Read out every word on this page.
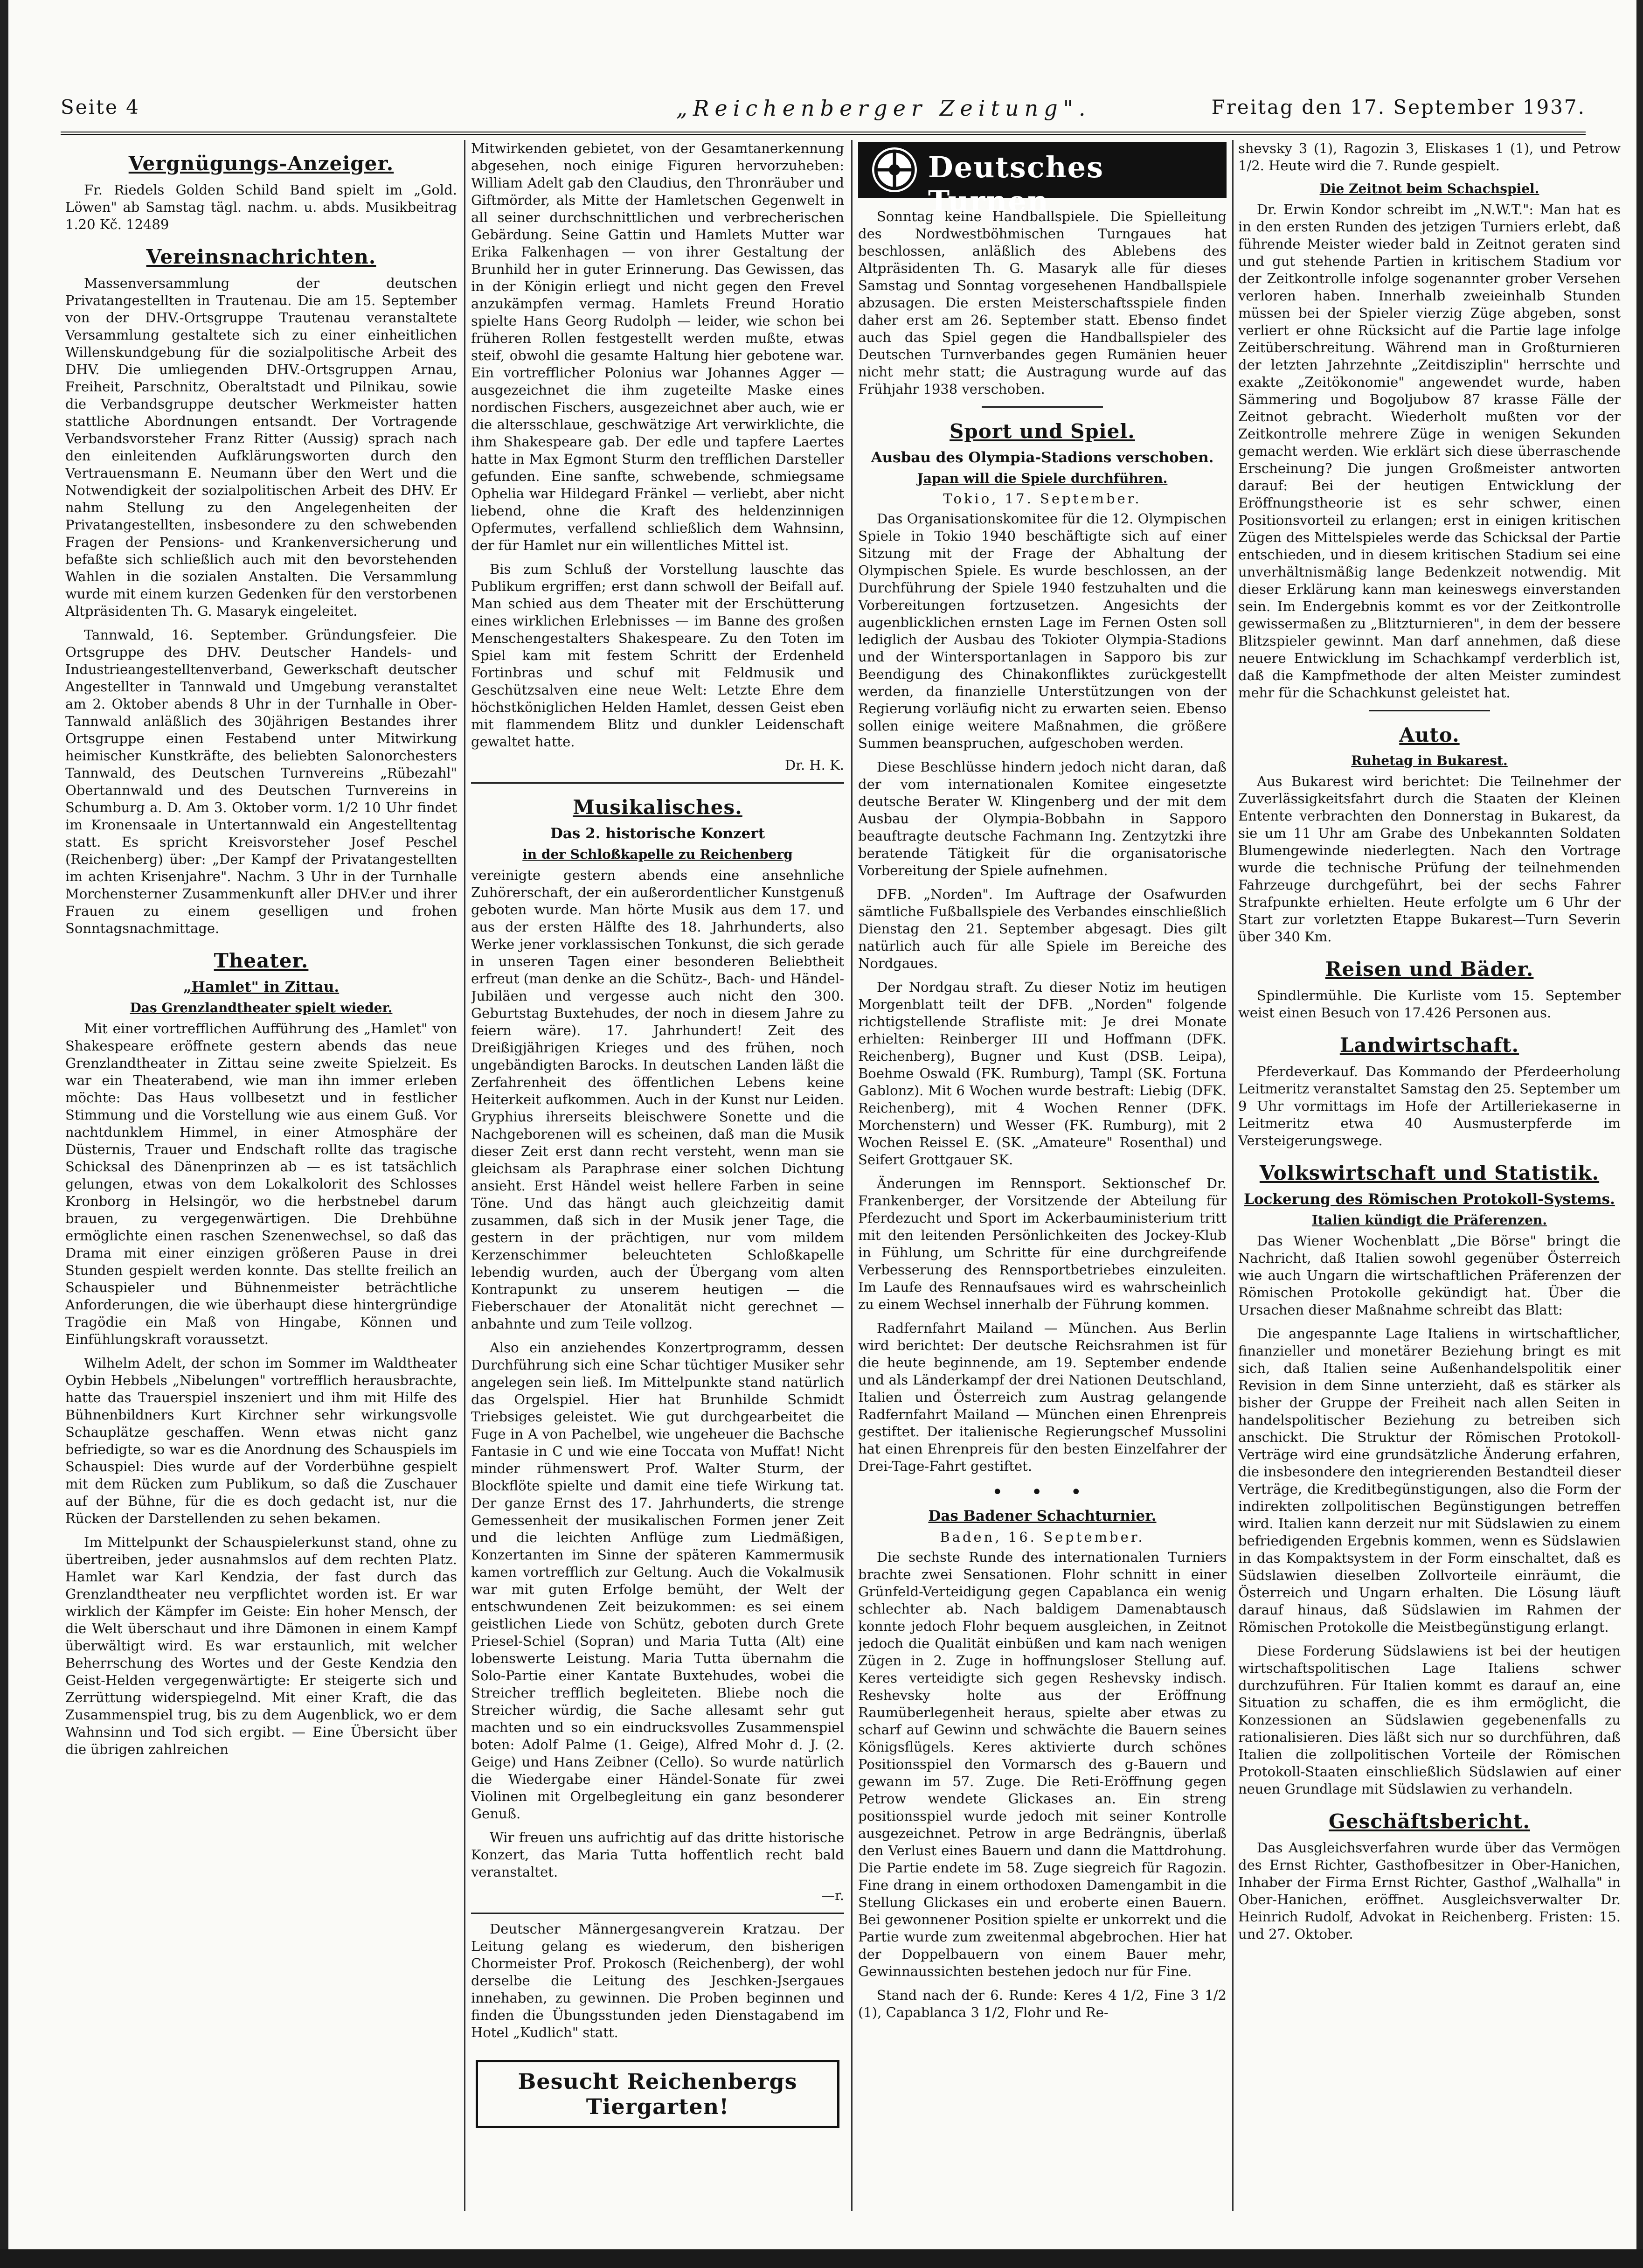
Seite 4	„Reichenberger Zeitung".	Freitag den 17. September 1937.
Vergnügungs-Anzeiger.

Fr. Riedels Golden Schild Band spielt im „Gold. Löwen" ab Samstag tägl. nachm. u. abds. Musikbeitrag 1.20 Kč. 12489

Vereinsnachrichten.

Massenversammlung der deutschen Privatangestellten in Trautenau. Die am 15. September von der DHV.-Ortsgruppe Trautenau veranstaltete Versammlung gestaltete sich zu einer einheitlichen Willenskundgebung für die sozialpolitische Arbeit des DHV. Die umliegenden DHV.-Ortsgruppen Arnau, Freiheit, Parschnitz, Oberaltstadt und Pilnikau, sowie die Verbandsgruppe deutscher Werkmeister hatten stattliche Abordnungen entsandt. Der Vortragende Verbandsvorsteher Franz Ritter (Aussig) sprach nach den einleitenden Aufklärungsworten durch den Vertrauensmann E. Neumann über den Wert und die Notwendigkeit der sozialpolitischen Arbeit des DHV. Er nahm Stellung zu den Angelegenheiten der Privatangestellten, insbesondere zu den schwebenden Fragen der Pensions- und Krankenversicherung und befaßte sich schließlich auch mit den bevorstehenden Wahlen in die sozialen Anstalten. Die Versammlung wurde mit einem kurzen Gedenken für den verstorbenen Altpräsidenten Th. G. Masaryk eingeleitet.

Tannwald, 16. September. Gründungsfeier. Die Ortsgruppe des DHV. Deutscher Handels- und Industrieangestelltenverband, Gewerkschaft deutscher Angestellter in Tannwald und Umgebung veranstaltet am 2. Oktober abends 8 Uhr in der Turnhalle in Ober-Tannwald anläßlich des 30jährigen Bestandes ihrer Ortsgruppe einen Festabend unter Mitwirkung heimischer Kunstkräfte, des beliebten Salonorchesters Tannwald, des Deutschen Turnvereins „Rübezahl" Obertannwald und des Deutschen Turnvereins in Schumburg a. D. Am 3. Oktober vorm. 1/2 10 Uhr findet im Kronensaale in Untertannwald ein Angestelltentag statt. Es spricht Kreisvorsteher Josef Peschel (Reichenberg) über: „Der Kampf der Privatangestellten im achten Krisenjahre". Nachm. 3 Uhr in der Turnhalle Morchensterner Zusammenkunft aller DHV.er und ihrer Frauen zu einem geselligen und frohen Sonntagsnachmittage.

Theater.
„Hamlet" in Zittau.
Das Grenzlandtheater spielt wieder.

Mit einer vortrefflichen Aufführung des „Hamlet" von Shakespeare eröffnete gestern abends das neue Grenzlandtheater in Zittau seine zweite Spielzeit. Es war ein Theaterabend, wie man ihn immer erleben möchte: Das Haus vollbesetzt und in festlicher Stimmung und die Vorstellung wie aus einem Guß. Vor nachtdunklem Himmel, in einer Atmosphäre der Düsternis, Trauer und Endschaft rollte das tragische Schicksal des Dänenprinzen ab — es ist tatsächlich gelungen, etwas von dem Lokalkolorit des Schlosses Kronborg in Helsingör, wo die herbstnebel darum brauen, zu vergegenwärtigen. Die Drehbühne ermöglichte einen raschen Szenenwechsel, so daß das Drama mit einer einzigen größeren Pause in drei Stunden gespielt werden konnte. Das stellte freilich an Schauspieler und Bühnenmeister beträchtliche Anforderungen, die wie überhaupt diese hintergründige Tragödie ein Maß von Hingabe, Können und Einfühlungskraft voraussetzt.

Wilhelm Adelt, der schon im Sommer im Waldtheater Oybin Hebbels „Nibelungen" vortrefflich herausbrachte, hatte das Trauerspiel inszeniert und ihm mit Hilfe des Bühnenbildners Kurt Kirchner sehr wirkungsvolle Schauplätze geschaffen. Wenn etwas nicht ganz befriedigte, so war es die Anordnung des Schauspiels im Schauspiel: Dies wurde auf der Vorderbühne gespielt mit dem Rücken zum Publikum, so daß die Zuschauer auf der Bühne, für die es doch gedacht ist, nur die Rücken der Darstellenden zu sehen bekamen.

Im Mittelpunkt der Schauspielerkunst stand, ohne zu übertreiben, jeder ausnahmslos auf dem rechten Platz. Hamlet war Karl Kendzia, der fast durch das Grenzlandtheater neu verpflichtet worden ist. Er war wirklich der Kämpfer im Geiste: Ein hoher Mensch, der die Welt überschaut und ihre Dämonen in einem Kampf überwältigt wird. Es war erstaunlich, mit welcher Beherrschung des Wortes und der Geste Kendzia den Geist-Helden vergegenwärtigte: Er steigerte sich und Zerrüttung widerspiegelnd. Mit einer Kraft, die das Zusammenspiel trug, bis zu dem Augenblick, wo er dem Wahnsinn und Tod sich ergibt. — Eine Übersicht über die übrigen zahlreichen

Mitwirkenden gebietet, von der Gesamtanerkennung abgesehen, noch einige Figuren hervorzuheben: William Adelt gab den Claudius, den Thronräuber und Giftmörder, als Mitte der Hamletschen Gegenwelt in all seiner durchschnittlichen und verbrecherischen Gebärdung. Seine Gattin und Hamlets Mutter war Erika Falkenhagen — von ihrer Gestaltung der Brunhild her in guter Erinnerung. Das Gewissen, das in der Königin erliegt und nicht gegen den Frevel anzukämpfen vermag. Hamlets Freund Horatio spielte Hans Georg Rudolph — leider, wie schon bei früheren Rollen festgestellt werden mußte, etwas steif, obwohl die gesamte Haltung hier gebotene war. Ein vortrefflicher Polonius war Johannes Agger — ausgezeichnet die ihm zugeteilte Maske eines nordischen Fischers, ausgezeichnet aber auch, wie er die altersschlaue, geschwätzige Art verwirklichte, die ihm Shakespeare gab. Der edle und tapfere Laertes hatte in Max Egmont Sturm den trefflichen Darsteller gefunden. Eine sanfte, schwebende, schmiegsame Ophelia war Hildegard Fränkel — verliebt, aber nicht liebend, ohne die Kraft des heldenzinnigen Opfermutes, verfallend schließlich dem Wahnsinn, der für Hamlet nur ein willentliches Mittel ist.

Bis zum Schluß der Vorstellung lauschte das Publikum ergriffen; erst dann schwoll der Beifall auf. Man schied aus dem Theater mit der Erschütterung eines wirklichen Erlebnisses — im Banne des großen Menschengestalters Shakespeare. Zu den Toten im Spiel kam mit festem Schritt der Erdenheld Fortinbras und schuf mit Feldmusik und Geschützsalven eine neue Welt: Letzte Ehre dem höchstköniglichen Helden Hamlet, dessen Geist eben mit flammendem Blitz und dunkler Leidenschaft gewaltet hatte.

Dr. H. K.
Musikalisches.
Das 2. historische Konzert
in der Schloßkapelle zu Reichenberg

vereinigte gestern abends eine ansehnliche Zuhörerschaft, der ein außerordentlicher Kunstgenuß geboten wurde. Man hörte Musik aus dem 17. und aus der ersten Hälfte des 18. Jahrhunderts, also Werke jener vorklassischen Tonkunst, die sich gerade in unseren Tagen einer besonderen Beliebtheit erfreut (man denke an die Schütz-, Bach- und Händel-Jubiläen und vergesse auch nicht den 300. Geburtstag Buxtehudes, der noch in diesem Jahre zu feiern wäre). 17. Jahrhundert! Zeit des Dreißigjährigen Krieges und des frühen, noch ungebändigten Barocks. In deutschen Landen läßt die Zerfahrenheit des öffentlichen Lebens keine Heiterkeit aufkommen. Auch in der Kunst nur Leiden. Gryphius ihrerseits bleischwere Sonette und die Nachgeborenen will es scheinen, daß man die Musik dieser Zeit erst dann recht versteht, wenn man sie gleichsam als Paraphrase einer solchen Dichtung ansieht. Erst Händel weist hellere Farben in seine Töne. Und das hängt auch gleichzeitig damit zusammen, daß sich in der Musik jener Tage, die gestern in der prächtigen, nur vom mildem Kerzenschimmer beleuchteten Schloßkapelle lebendig wurden, auch der Übergang vom alten Kontrapunkt zu unserem heutigen — die Fieberschauer der Atonalität nicht gerechnet — anbahnte und zum Teile vollzog.

Also ein anziehendes Konzertprogramm, dessen Durchführung sich eine Schar tüchtiger Musiker sehr angelegen sein ließ. Im Mittelpunkte stand natürlich das Orgelspiel. Hier hat Brunhilde Schmidt Triebsiges geleistet. Wie gut durchgearbeitet die Fuge in A von Pachelbel, wie ungeheuer die Bachsche Fantasie in C und wie eine Toccata von Muffat! Nicht minder rühmenswert Prof. Walter Sturm, der Blockflöte spielte und damit eine tiefe Wirkung tat. Der ganze Ernst des 17. Jahrhunderts, die strenge Gemessenheit der musikalischen Formen jener Zeit und die leichten Anflüge zum Liedmäßigen, Konzertanten im Sinne der späteren Kammermusik kamen vortrefflich zur Geltung. Auch die Vokalmusik war mit guten Erfolge bemüht, der Welt der entschwundenen Zeit beizukommen: es sei einem geistlichen Liede von Schütz, geboten durch Grete Priesel-Schiel (Sopran) und Maria Tutta (Alt) eine lobenswerte Leistung. Maria Tutta übernahm die Solo-Partie einer Kantate Buxtehudes, wobei die Streicher trefflich begleiteten. Bliebe noch die Streicher würdig, die Sache allesamt sehr gut machten und so ein eindrucksvolles Zusammenspiel boten: Adolf Palme (1. Geige), Alfred Mohr d. J. (2. Geige) und Hans Zeibner (Cello). So wurde natürlich die Wiedergabe einer Händel-Sonate für zwei Violinen mit Orgelbegleitung ein ganz besonderer Genuß.

Wir freuen uns aufrichtig auf das dritte historische Konzert, das Maria Tutta hoffentlich recht bald veranstaltet.

—r.

Deutscher Männergesangverein Kratzau. Der Leitung gelang es wiederum, den bisherigen Chormeister Prof. Prokosch (Reichenberg), der wohl derselbe die Leitung des Jeschken-Jsergaues innehaben, zu gewinnen. Die Proben beginnen und finden die Übungsstunden jeden Dienstagabend im Hotel „Kudlich" statt.

Besucht Reichenbergs Tiergarten!
Deutsches Turnen

Sonntag keine Handballspiele. Die Spielleitung des Nordwestböhmischen Turngaues hat beschlossen, anläßlich des Ablebens des Altpräsidenten Th. G. Masaryk alle für dieses Samstag und Sonntag vorgesehenen Handballspiele abzusagen. Die ersten Meisterschaftsspiele finden daher erst am 26. September statt. Ebenso findet auch das Spiel gegen die Handballspieler des Deutschen Turnverbandes gegen Rumänien heuer nicht mehr statt; die Austragung wurde auf das Frühjahr 1938 verschoben.

Sport und Spiel.
Ausbau des Olympia-Stadions verschoben.
Japan will die Spiele durchführen.
Tokio, 17. September.

Das Organisationskomitee für die 12. Olympischen Spiele in Tokio 1940 beschäftigte sich auf einer Sitzung mit der Frage der Abhaltung der Olympischen Spiele. Es wurde beschlossen, an der Durchführung der Spiele 1940 festzuhalten und die Vorbereitungen fortzusetzen. Angesichts der augenblicklichen ernsten Lage im Fernen Osten soll lediglich der Ausbau des Tokioter Olympia-Stadions und der Wintersportanlagen in Sapporo bis zur Beendigung des Chinakonfliktes zurückgestellt werden, da finanzielle Unterstützungen von der Regierung vorläufig nicht zu erwarten seien. Ebenso sollen einige weitere Maßnahmen, die größere Summen beanspruchen, aufgeschoben werden.

Diese Beschlüsse hindern jedoch nicht daran, daß der vom internationalen Komitee eingesetzte deutsche Berater W. Klingenberg und der mit dem Ausbau der Olympia-Bobbahn in Sapporo beauftragte deutsche Fachmann Ing. Zentzytzki ihre beratende Tätigkeit für die organisatorische Vorbereitung der Spiele aufnehmen.

DFB. „Norden". Im Auftrage der Osafwurden sämtliche Fußballspiele des Verbandes einschließlich Dienstag den 21. September abgesagt. Dies gilt natürlich auch für alle Spiele im Bereiche des Nordgaues.

Der Nordgau straft. Zu dieser Notiz im heutigen Morgenblatt teilt der DFB. „Norden" folgende richtigstellende Strafliste mit: Je drei Monate erhielten: Reinberger III und Hoffmann (DFK. Reichenberg), Bugner und Kust (DSB. Leipa), Boehme Oswald (FK. Rumburg), Tampl (SK. Fortuna Gablonz). Mit 6 Wochen wurde bestraft: Liebig (DFK. Reichenberg), mit 4 Wochen Renner (DFK. Morchenstern) und Wesser (FK. Rumburg), mit 2 Wochen Reissel E. (SK. „Amateure" Rosenthal) und Seifert Grottgauer SK.

Änderungen im Rennsport. Sektionschef Dr. Frankenberger, der Vorsitzende der Abteilung für Pferdezucht und Sport im Ackerbauministerium tritt mit den leitenden Persönlichkeiten des Jockey-Klub in Fühlung, um Schritte für eine durchgreifende Verbesserung des Rennsportbetriebes einzuleiten. Im Laufe des Rennaufsaues wird es wahrscheinlich zu einem Wechsel innerhalb der Führung kommen.

Radfernfahrt Mailand — München. Aus Berlin wird berichtet: Der deutsche Reichsrahmen ist für die heute beginnende, am 19. September endende und als Länderkampf der drei Nationen Deutschland, Italien und Österreich zum Austrag gelangende Radfernfahrt Mailand — München einen Ehrenpreis gestiftet. Der italienische Regierungschef Mussolini hat einen Ehrenpreis für den besten Einzelfahrer der Drei-Tage-Fahrt gestiftet.

• • •
Das Badener Schachturnier.
Baden, 16. September.

Die sechste Runde des internationalen Turniers brachte zwei Sensationen. Flohr schnitt in einer Grünfeld-Verteidigung gegen Capablanca ein wenig schlechter ab. Nach baldigem Damenabtausch konnte jedoch Flohr bequem ausgleichen, in Zeitnot jedoch die Qualität einbüßen und kam nach wenigen Zügen in 2. Zuge in hoffnungsloser Stellung auf. Keres verteidigte sich gegen Reshevsky indisch. Reshevsky holte aus der Eröffnung Raumüberlegenheit heraus, spielte aber etwas zu scharf auf Gewinn und schwächte die Bauern seines Königsflügels. Keres aktivierte durch schönes Positionsspiel den Vormarsch des g-Bauern und gewann im 57. Zuge. Die Reti-Eröffnung gegen Petrow wendete Glickases an. Ein streng positionsspiel wurde jedoch mit seiner Kontrolle ausgezeichnet. Petrow in arge Bedrängnis, überlaß den Verlust eines Bauern und dann die Mattdrohung. Die Partie endete im 58. Zuge siegreich für Ragozin. Fine drang in einem orthodoxen Damengambit in die Stellung Glickases ein und eroberte einen Bauern. Bei gewonnener Position spielte er unkorrekt und die Partie wurde zum zweitenmal abgebrochen. Hier hat der Doppelbauern von einem Bauer mehr, Gewinnaussichten bestehen jedoch nur für Fine.

Stand nach der 6. Runde: Keres 4 1/2, Fine 3 1/2 (1), Capablanca 3 1/2, Flohr und Re-

shevsky 3 (1), Ragozin 3, Eliskases 1 (1), und Petrow 1/2. Heute wird die 7. Runde gespielt.

Die Zeitnot beim Schachspiel.

Dr. Erwin Kondor schreibt im „N.W.T.": Man hat es in den ersten Runden des jetzigen Turniers erlebt, daß führende Meister wieder bald in Zeitnot geraten sind und gut stehende Partien in kritischem Stadium vor der Zeitkontrolle infolge sogenannter grober Versehen verloren haben. Innerhalb zweieinhalb Stunden müssen bei der Spieler vierzig Züge abgeben, sonst verliert er ohne Rücksicht auf die Partie lage infolge Zeitüberschreitung. Während man in Großturnieren der letzten Jahrzehnte „Zeitdisziplin" herrschte und exakte „Zeitökonomie" angewendet wurde, haben Sämmering und Bogoljubow 87 krasse Fälle der Zeitnot gebracht. Wiederholt mußten vor der Zeitkontrolle mehrere Züge in wenigen Sekunden gemacht werden. Wie erklärt sich diese überraschende Erscheinung? Die jungen Großmeister antworten darauf: Bei der heutigen Entwicklung der Eröffnungstheorie ist es sehr schwer, einen Positionsvorteil zu erlangen; erst in einigen kritischen Zügen des Mittelspieles werde das Schicksal der Partie entschieden, und in diesem kritischen Stadium sei eine unverhältnismäßig lange Bedenkzeit notwendig. Mit dieser Erklärung kann man keineswegs einverstanden sein. Im Endergebnis kommt es vor der Zeitkontrolle gewissermaßen zu „Blitzturnieren", in dem der bessere Blitzspieler gewinnt. Man darf annehmen, daß diese neuere Entwicklung im Schachkampf verderblich ist, daß die Kampfmethode der alten Meister zumindest mehr für die Schachkunst geleistet hat.

Auto.
Ruhetag in Bukarest.

Aus Bukarest wird berichtet: Die Teilnehmer der Zuverlässigkeitsfahrt durch die Staaten der Kleinen Entente verbrachten den Donnerstag in Bukarest, da sie um 11 Uhr am Grabe des Unbekannten Soldaten Blumengewinde niederlegten. Nach den Vortrage wurde die technische Prüfung der teilnehmenden Fahrzeuge durchgeführt, bei der sechs Fahrer Strafpunkte erhielten. Heute erfolgte um 6 Uhr der Start zur vorletzten Etappe Bukarest—Turn Severin über 340 Km.

Reisen und Bäder.

Spindlermühle. Die Kurliste vom 15. September weist einen Besuch von 17.426 Personen aus.

Landwirtschaft.

Pferdeverkauf. Das Kommando der Pferdeerholung Leitmeritz veranstaltet Samstag den 25. September um 9 Uhr vormittags im Hofe der Artilleriekaserne in Leitmeritz etwa 40 Ausmusterpferde im Versteigerungswege.

Volkswirtschaft und Statistik.
Lockerung des Römischen Protokoll-Systems.
Italien kündigt die Präferenzen.

Das Wiener Wochenblatt „Die Börse" bringt die Nachricht, daß Italien sowohl gegenüber Österreich wie auch Ungarn die wirtschaftlichen Präferenzen der Römischen Protokolle gekündigt hat. Über die Ursachen dieser Maßnahme schreibt das Blatt:

Die angespannte Lage Italiens in wirtschaftlicher, finanzieller und monetärer Beziehung bringt es mit sich, daß Italien seine Außenhandelspolitik einer Revision in dem Sinne unterzieht, daß es stärker als bisher der Gruppe der Freiheit nach allen Seiten in handelspolitischer Beziehung zu betreiben sich anschickt. Die Struktur der Römischen Protokoll-Verträge wird eine grundsätzliche Änderung erfahren, die insbesondere den integrierenden Bestandteil dieser Verträge, die Kreditbegünstigungen, also die Form der indirekten zollpolitischen Begünstigungen betreffen wird. Italien kann derzeit nur mit Südslawien zu einem befriedigenden Ergebnis kommen, wenn es Südslawien in das Kompaktsystem in der Form einschaltet, daß es Südslawien dieselben Zollvorteile einräumt, die Österreich und Ungarn erhalten. Die Lösung läuft darauf hinaus, daß Südslawien im Rahmen der Römischen Protokolle die Meistbegünstigung erlangt.

Diese Forderung Südslawiens ist bei der heutigen wirtschaftspolitischen Lage Italiens schwer durchzuführen. Für Italien kommt es darauf an, eine Situation zu schaffen, die es ihm ermöglicht, die Konzessionen an Südslawien gegebenenfalls zu rationalisieren. Dies läßt sich nur so durchführen, daß Italien die zollpolitischen Vorteile der Römischen Protokoll-Staaten einschließlich Südslawien auf einer neuen Grundlage mit Südslawien zu verhandeln.

Geschäftsbericht.

Das Ausgleichsverfahren wurde über das Vermögen des Ernst Richter, Gasthofbesitzer in Ober-Hanichen, Inhaber der Firma Ernst Richter, Gasthof „Walhalla" in Ober-Hanichen, eröffnet. Ausgleichsverwalter Dr. Heinrich Rudolf, Advokat in Reichenberg. Fristen: 15. und 27. Oktober.
